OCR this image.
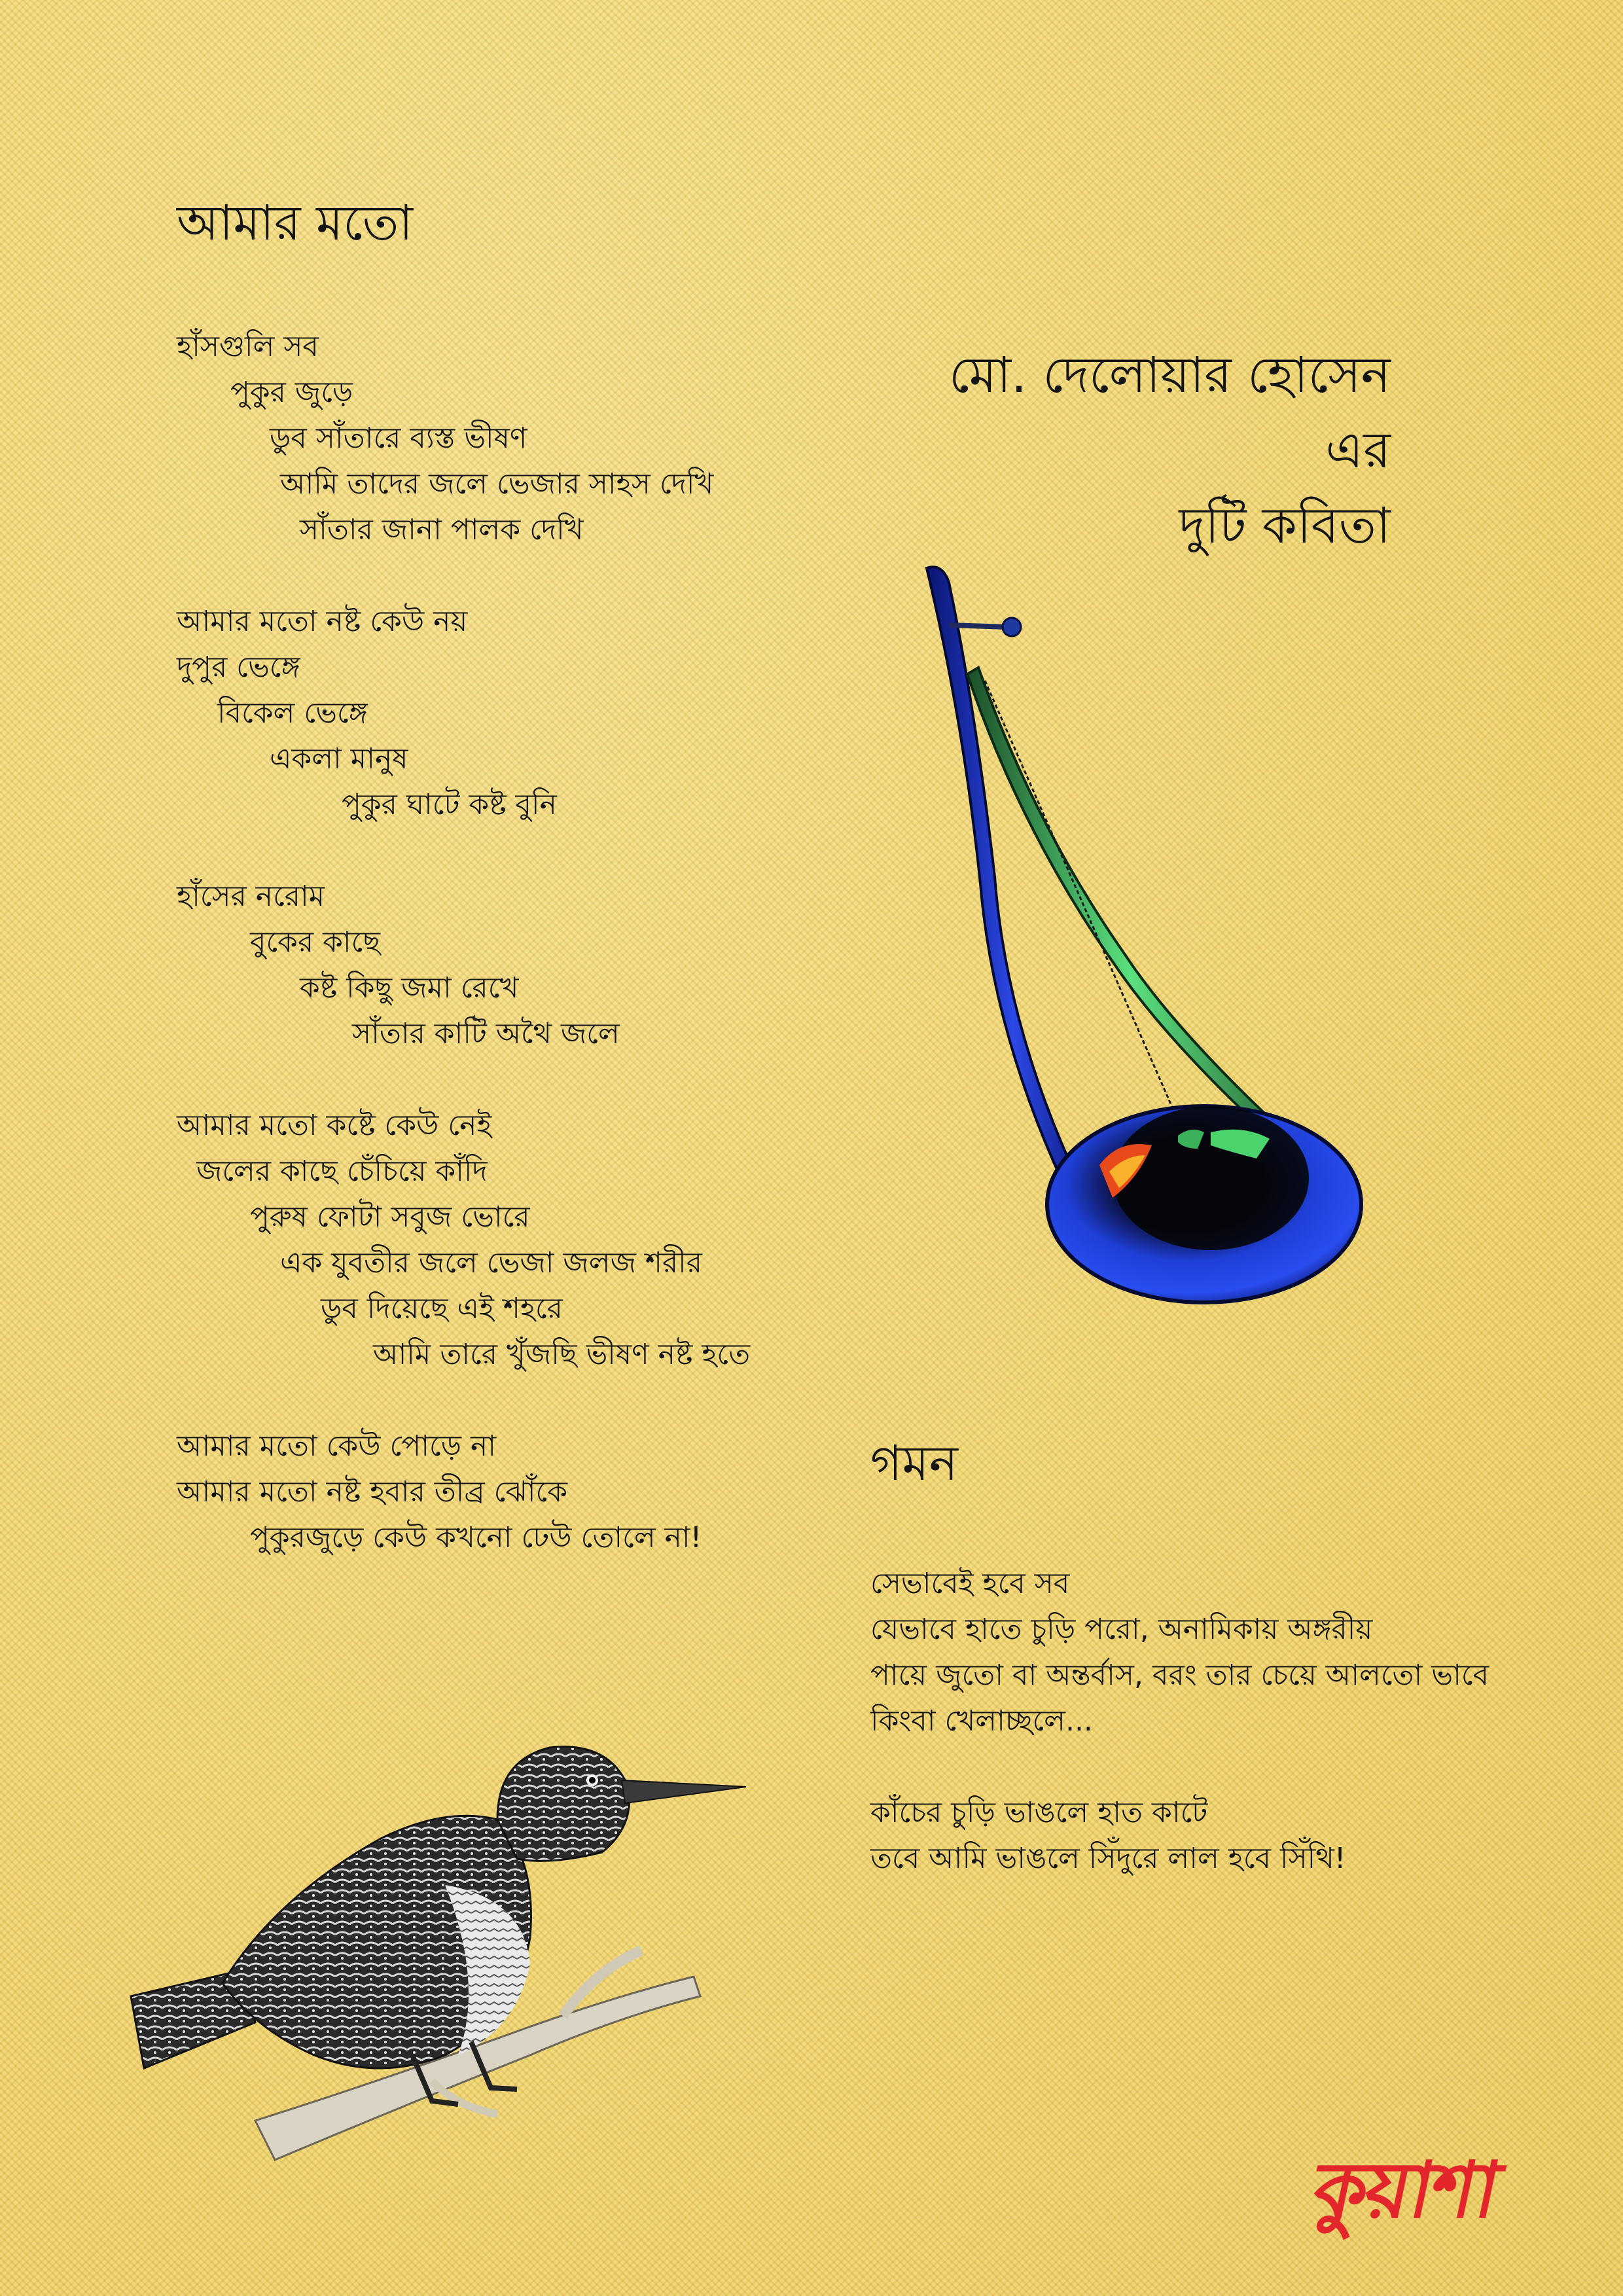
আমার মতো
হাঁসগুলি সব
পুকুর জুড়ে
ডুব সাঁতারে ব্যস্ত ভীষণ
আমি তাদের জলে ভেজার সাহস দেখি
সাঁতার জানা পালক দেখি
আমার মতো নষ্ট কেউ নয়
দুপুর ভেঙ্গে
বিকেল ভেঙ্গে
একলা মানুষ
পুকুর ঘাটে কষ্ট বুনি
হাঁসের নরোম
বুকের কাছে
কষ্ট কিছু জমা রেখে
সাঁতার কাটি অথৈ জলে
আমার মতো কষ্টে কেউ নেই
জলের কাছে চেঁচিয়ে কাঁদি
পুরুষ ফোটা সবুজ ভোরে
এক যুবতীর জলে ভেজা জলজ শরীর
ডুব দিয়েছে এই শহরে
আমি তারে খুঁজছি ভীষণ নষ্ট হতে
আমার মতো কেউ পোড়ে না
আমার মতো নষ্ট হবার তীব্র ঝোঁকে
পুকুরজুড়ে কেউ কখনো ঢেউ তোলে না!
মো. দেলোয়ার হোসেন
এর
দুটি কবিতা
গমন
সেভাবেই হবে সব
যেভাবে হাতে চুড়ি পরো, অনামিকায় অঙ্গরীয়
পায়ে জুতো বা অন্তর্বাস, বরং তার চেয়ে আলতো ভাবে
কিংবা খেলাচ্ছলে...
কাঁচের চুড়ি ভাঙলে হাত কাটে
তবে আমি ভাঙলে সিঁদুরে লাল হবে সিঁথি!
কুয়াশা
